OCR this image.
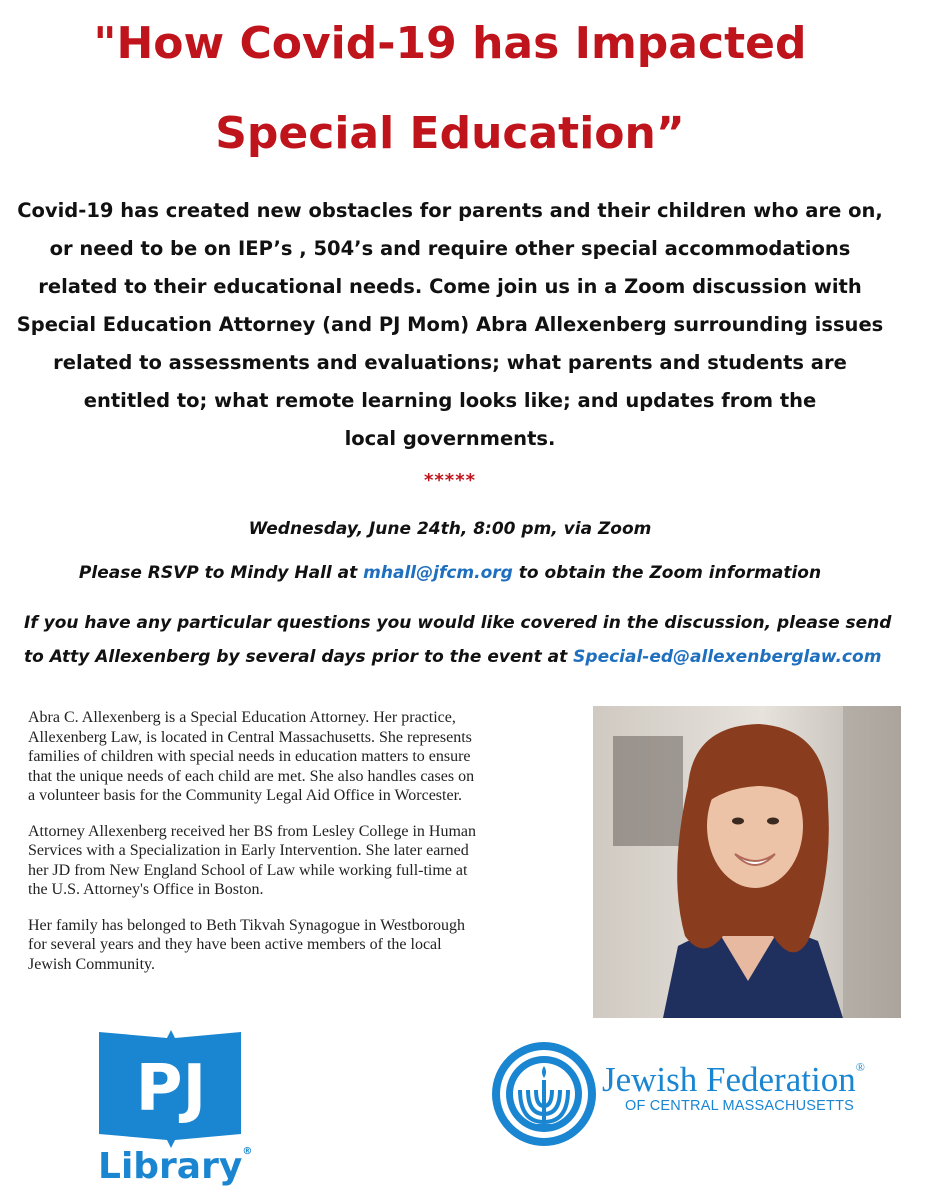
"How Covid-19 has Impacted
Special Education”
Covid-19 has created new obstacles for parents and their children who are on,
or need to be on IEP’s , 504’s and require other special accommodations
related to their educational needs. Come join us in a Zoom discussion with
Special Education Attorney (and PJ Mom) Abra Allexenberg surrounding issues
related to assessments and evaluations; what parents and students are
entitled to; what remote learning looks like; and updates from the
local governments.
*****
Wednesday, June 24th, 8:00 pm, via Zoom
Please RSVP to Mindy Hall at mhall@jfcm.org to obtain the Zoom information
If you have any particular questions you would like covered in the discussion, please send
to Atty Allexenberg by several days prior to the event at Special-ed@allexenberglaw.com

Abra C. Allexenberg is a Special Education Attorney. Her practice,
Allexenberg Law, is located in Central Massachusetts. She represents
families of children with special needs in education matters to ensure
that the unique needs of each child are met. She also handles cases on
a volunteer basis for the Community Legal Aid Office in Worcester.

Attorney Allexenberg received her BS from Lesley College in Human
Services with a Specialization in Early Intervention. She later earned
her JD from New England School of Law while working full-time at
the U.S. Attorney's Office in Boston.

Her family has belonged to Beth Tikvah Synagogue in Westborough
for several years and they have been active members of the local
Jewish Community.

PJ
Library®
Jewish Federation®
OF CENTRAL MASSACHUSETTS
